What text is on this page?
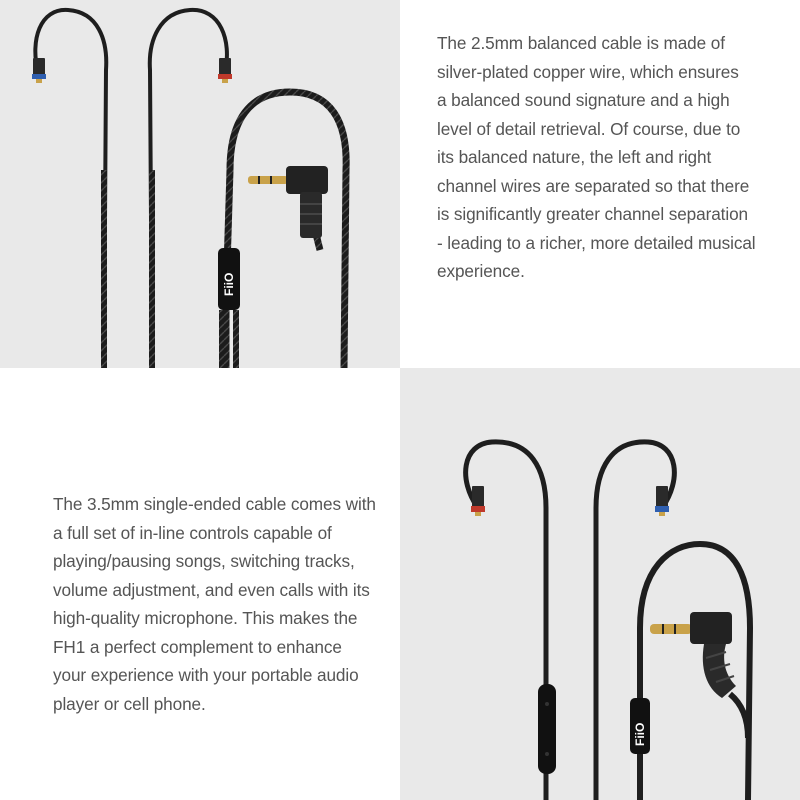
FiiO

The 2.5mm balanced cable is made of
silver-plated copper wire, which ensures
a balanced sound signature and a high
level of detail retrieval. Of course, due to
its balanced nature, the left and right
channel wires are separated so that there
is significantly greater channel separation
- leading to a richer, more detailed musical
experience.

The 3.5mm single-ended cable comes with
a full set of in-line controls capable of
playing/pausing songs, switching tracks,
volume adjustment, and even calls with its
high-quality microphone. This makes the
FH1 a perfect complement to enhance
your experience with your portable audio
player or cell phone.

FiiO
